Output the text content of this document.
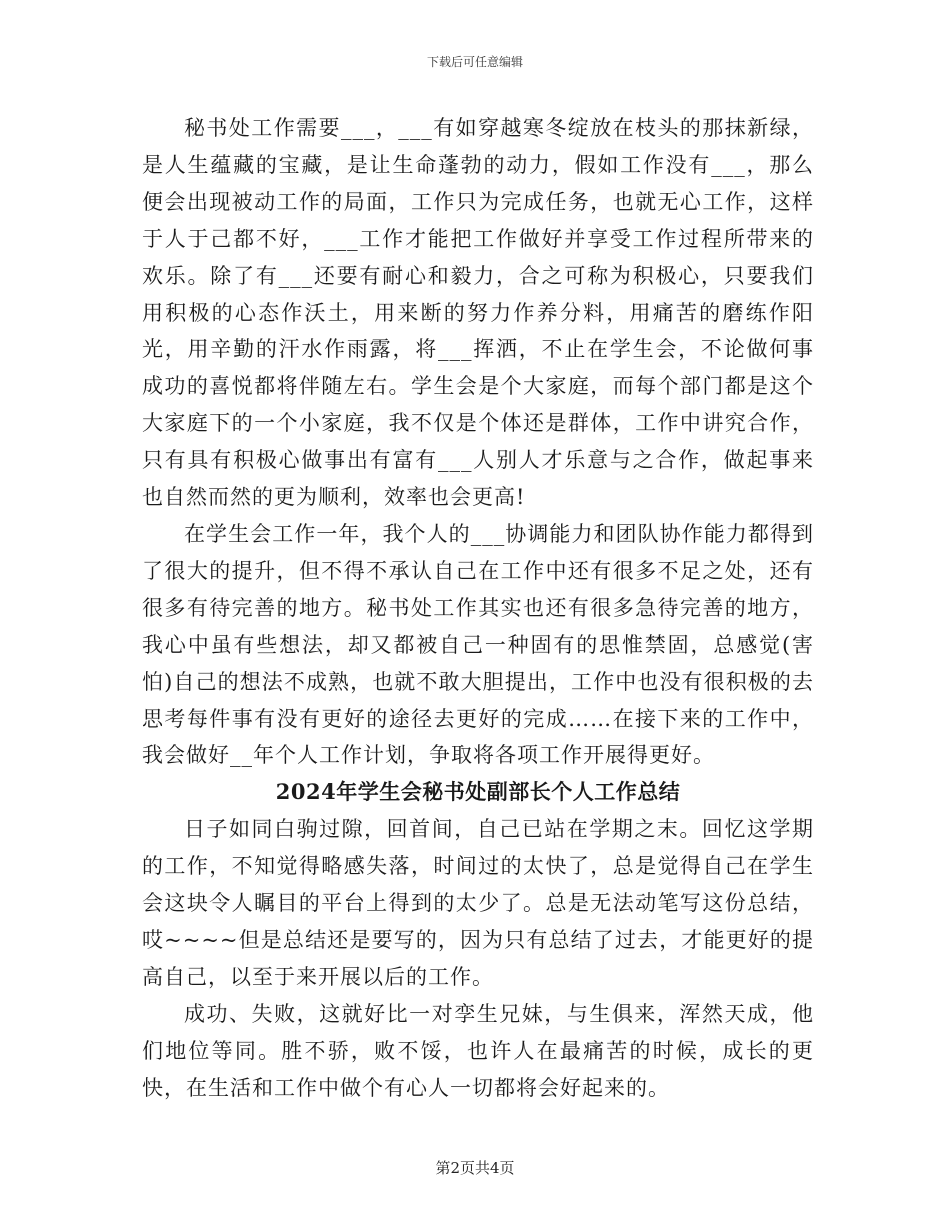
下载后可任意编辑

秘书处工作需要___，___有如穿越寒冬绽放在枝头的那抹新绿，是人生蕴藏的宝藏，是让生命蓬勃的动力，假如工作没有___，那么便会出现被动工作的局面，工作只为完成任务，也就无心工作，这样于人于己都不好，___工作才能把工作做好并享受工作过程所带来的欢乐。除了有___还要有耐心和毅力，合之可称为积极心，只要我们用积极的心态作沃土，用来断的努力作养分料，用痛苦的磨练作阳光，用辛勤的汗水作雨露，将___挥洒，不止在学生会，不论做何事成功的喜悦都将伴随左右。学生会是个大家庭，而每个部门都是这个大家庭下的一个小家庭，我不仅是个体还是群体，工作中讲究合作，只有具有积极心做事出有富有___人别人才乐意与之合作，做起事来也自然而然的更为顺利，效率也会更高!

在学生会工作一年，我个人的___协调能力和团队协作能力都得到了很大的提升，但不得不承认自己在工作中还有很多不足之处，还有很多有待完善的地方。秘书处工作其实也还有很多急待完善的地方，我心中虽有些想法，却又都被自己一种固有的思惟禁固，总感觉(害怕)自己的想法不成熟，也就不敢大胆提出，工作中也没有很积极的去思考每件事有没有更好的途径去更好的完成……在接下来的工作中，我会做好__年个人工作计划，争取将各项工作开展得更好。

2024年学生会秘书处副部长个人工作总结

日子如同白驹过隙，回首间，自己已站在学期之末。回忆这学期的工作，不知觉得略感失落，时间过的太快了，总是觉得自己在学生会这块令人瞩目的平台上得到的太少了。总是无法动笔写这份总结，哎~~~~但是总结还是要写的，因为只有总结了过去，才能更好的提高自己，以至于来开展以后的工作。

成功、失败，这就好比一对孪生兄妹，与生俱来，浑然天成，他们地位等同。胜不骄，败不馁，也许人在最痛苦的时候，成长的更快，在生活和工作中做个有心人一切都将会好起来的。

第2页共4页
